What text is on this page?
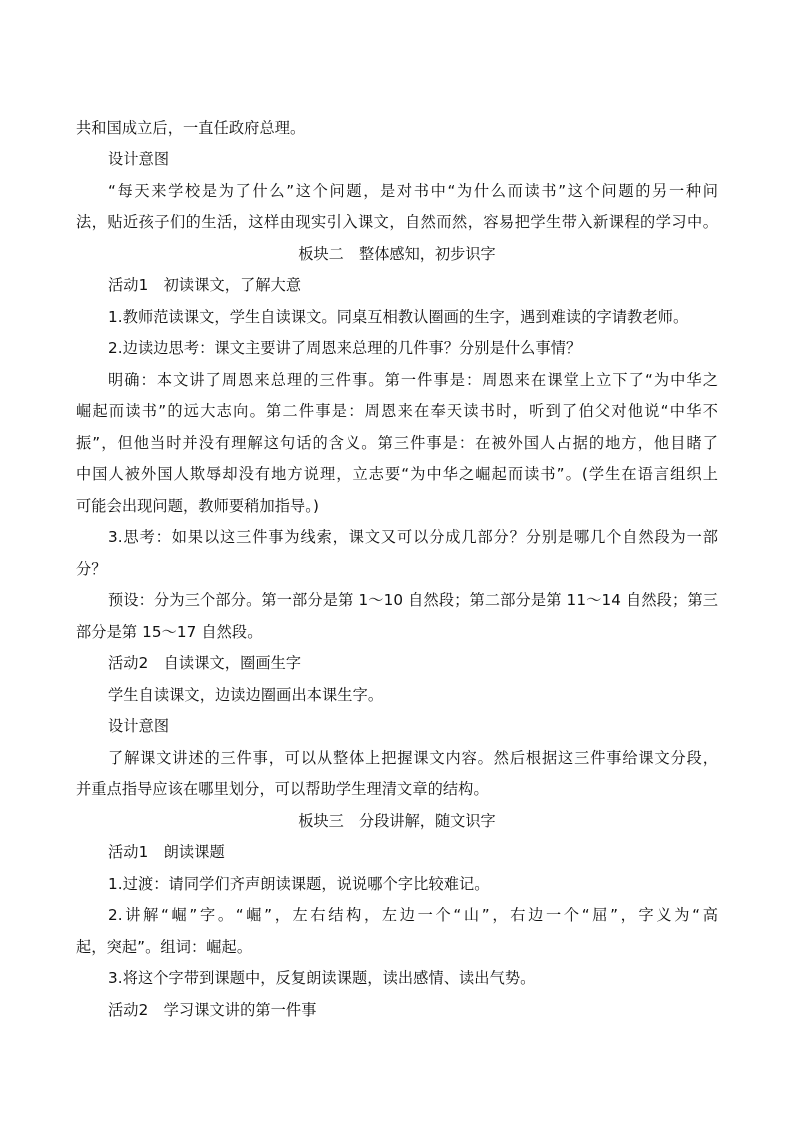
共和国成立后，一直任政府总理。
设计意图
“每天来学校是为了什么”这个问题，是对书中“为什么而读书”这个问题的另一种问
法，贴近孩子们的生活，这样由现实引入课文，自然而然，容易把学生带入新课程的学习中。
板块二　整体感知，初步识字
活动1　初读课文，了解大意
1.教师范读课文，学生自读课文。同桌互相教认圈画的生字，遇到难读的字请教老师。
2.边读边思考：课文主要讲了周恩来总理的几件事？分别是什么事情？
明确：本文讲了周恩来总理的三件事。第一件事是：周恩来在课堂上立下了“为中华之
崛起而读书”的远大志向。第二件事是：周恩来在奉天读书时，听到了伯父对他说“中华不
振”，但他当时并没有理解这句话的含义。第三件事是：在被外国人占据的地方，他目睹了
中国人被外国人欺辱却没有地方说理，立志要“为中华之崛起而读书”。(学生在语言组织上
可能会出现问题，教师要稍加指导。)
3.思考：如果以这三件事为线索，课文又可以分成几部分？分别是哪几个自然段为一部
分？
预设：分为三个部分。第一部分是第 1～10 自然段；第二部分是第 11～14 自然段；第三
部分是第 15～17 自然段。
活动2　自读课文，圈画生字
学生自读课文，边读边圈画出本课生字。
设计意图
了解课文讲述的三件事，可以从整体上把握课文内容。然后根据这三件事给课文分段，
并重点指导应该在哪里划分，可以帮助学生理清文章的结构。
板块三　分段讲解，随文识字
活动1　朗读课题
1.过渡：请同学们齐声朗读课题，说说哪个字比较难记。
2.讲解“崛”字。“崛”，左右结构，左边一个“山”，右边一个“屈”，字义为“高
起，突起”。组词：崛起。
3.将这个字带到课题中，反复朗读课题，读出感情、读出气势。
活动2　学习课文讲的第一件事
